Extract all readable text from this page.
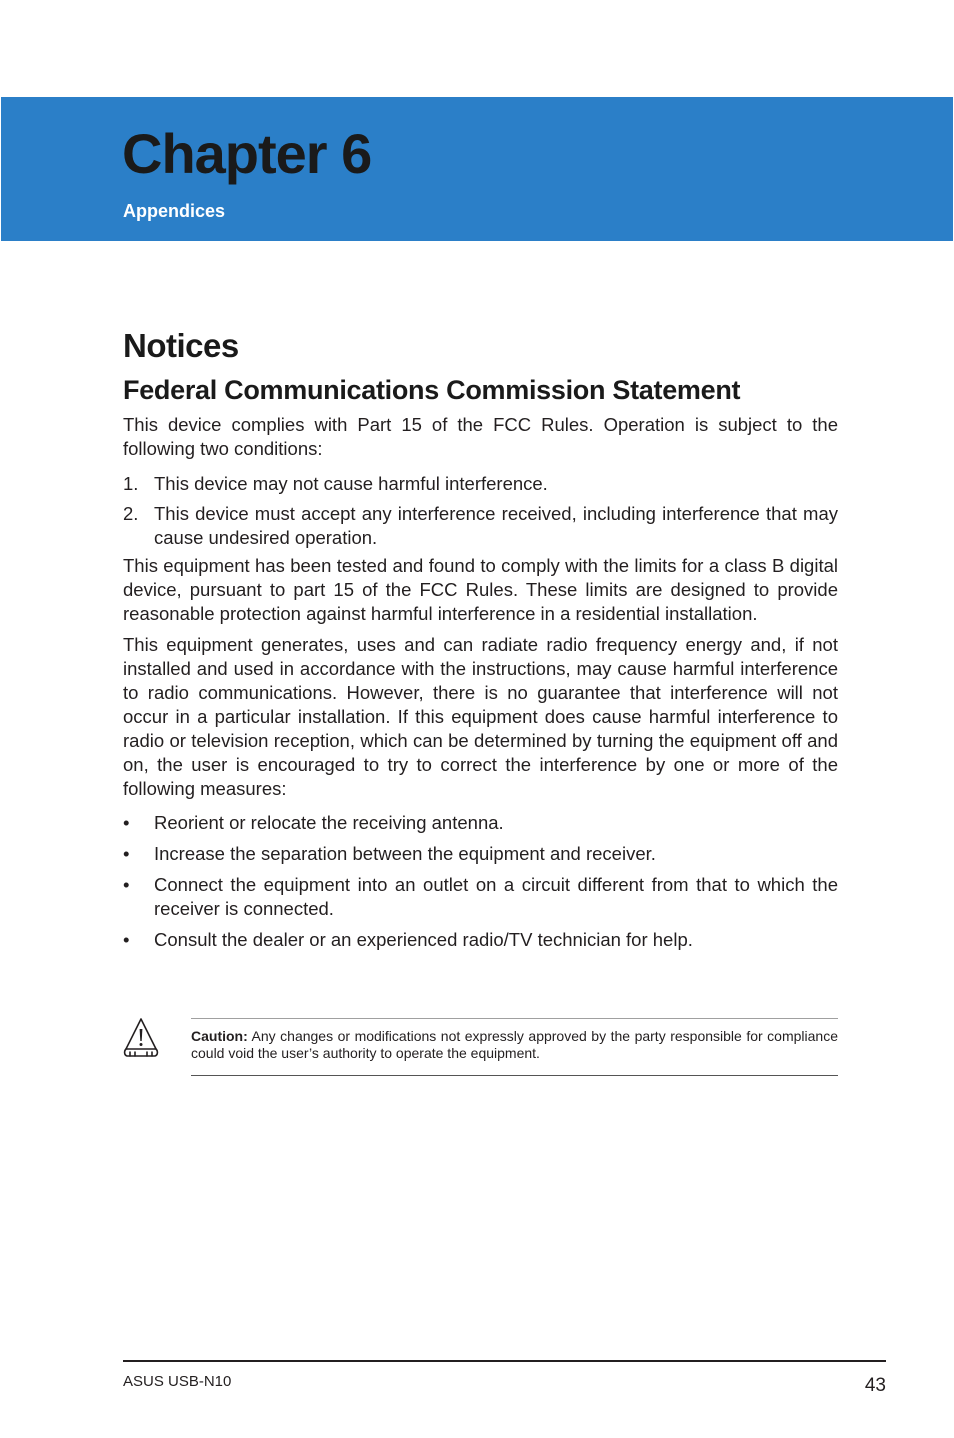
Chapter 6
Appendices
Notices
Federal Communications Commission Statement

This device complies with Part 15 of the FCC Rules. Operation is subject to the following two conditions:

1. This device may not cause harmful interference.
2. This device must accept any interference received, including interference that may cause undesired operation.

This equipment has been tested and found to comply with the limits for a class B digital device, pursuant to part 15 of the FCC Rules. These limits are designed to provide reasonable protection against harmful interference in a residential installation.

This equipment generates, uses and can radiate radio frequency energy and, if not installed and used in accordance with the instructions, may cause harmful interference to radio communications. However, there is no guarantee that interference will not occur in a particular installation. If this equipment does cause harmful interference to radio or television reception, which can be determined by turning the equipment off and on, the user is encouraged to try to correct the interference by one or more of the following measures:

• Reorient or relocate the receiving antenna.
• Increase the separation between the equipment and receiver.
• Connect the equipment into an outlet on a circuit different from that to which the receiver is connected.
• Consult the dealer or an experienced radio/TV technician for help.
Caution: Any changes or modifications not expressly approved by the party responsible for compliance could void the user’s authority to operate the equipment.
ASUS USB-N10	43
